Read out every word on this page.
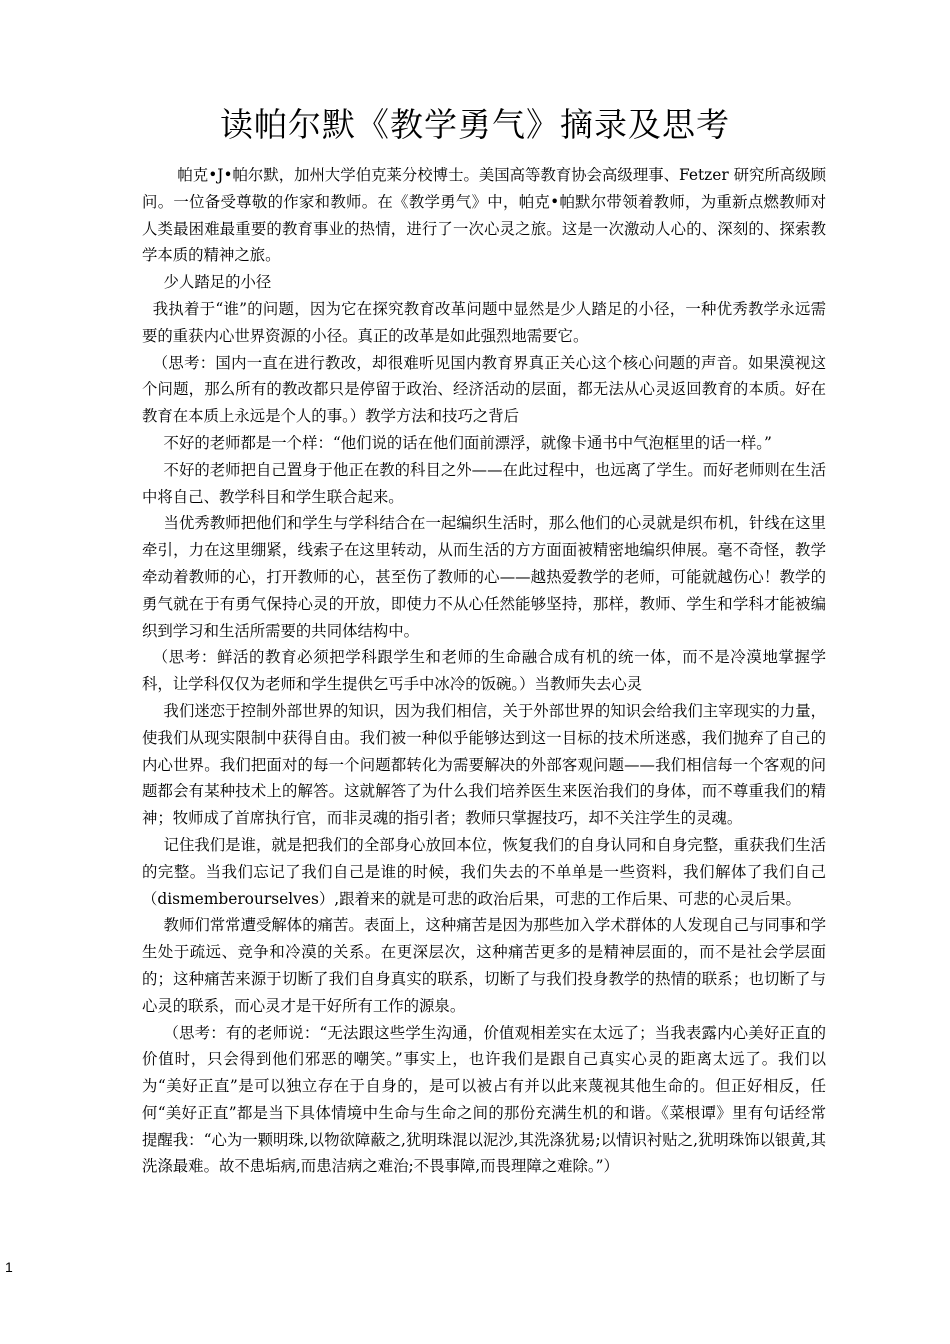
读帕尔默《教学勇气》摘录及思考

帕克•J•帕尔默，加州大学伯克莱分校博士。美国高等教育协会高级理事、Fetzer 研究所高级顾问。一位备受尊敬的作家和教师。在《教学勇气》中，帕克•帕默尔带领着教师，为重新点燃教师对人类最困难最重要的教育事业的热情，进行了一次心灵之旅。这是一次激动人心的、深刻的、探索教学本质的精神之旅。

少人踏足的小径

我执着于“谁”的问题，因为它在探究教育改革问题中显然是少人踏足的小径，一种优秀教学永远需要的重获内心世界资源的小径。真正的改革是如此强烈地需要它。

（思考：国内一直在进行教改，却很难听见国内教育界真正关心这个核心问题的声音。如果漠视这个问题，那么所有的教改都只是停留于政治、经济活动的层面，都无法从心灵返回教育的本质。好在教育在本质上永远是个人的事。）教学方法和技巧之背后

不好的老师都是一个样：“他们说的话在他们面前漂浮，就像卡通书中气泡框里的话一样。”

不好的老师把自己置身于他正在教的科目之外——在此过程中，也远离了学生。而好老师则在生活中将自己、教学科目和学生联合起来。

当优秀教师把他们和学生与学科结合在一起编织生活时，那么他们的心灵就是织布机，针线在这里牵引，力在这里绷紧，线索子在这里转动，从而生活的方方面面被精密地编织伸展。毫不奇怪，教学牵动着教师的心，打开教师的心，甚至伤了教师的心——越热爱教学的老师，可能就越伤心！教学的勇气就在于有勇气保持心灵的开放，即使力不从心任然能够坚持，那样，教师、学生和学科才能被编织到学习和生活所需要的共同体结构中。

（思考：鲜活的教育必须把学科跟学生和老师的生命融合成有机的统一体，而不是冷漠地掌握学科，让学科仅仅为老师和学生提供乞丐手中冰冷的饭碗。）当教师失去心灵

我们迷恋于控制外部世界的知识，因为我们相信，关于外部世界的知识会给我们主宰现实的力量，使我们从现实限制中获得自由。我们被一种似乎能够达到这一目标的技术所迷惑，我们抛弃了自己的内心世界。我们把面对的每一个问题都转化为需要解决的外部客观问题——我们相信每一个客观的问题都会有某种技术上的解答。这就解答了为什么我们培养医生来医治我们的身体，而不尊重我们的精神；牧师成了首席执行官，而非灵魂的指引者；教师只掌握技巧，却不关注学生的灵魂。

记住我们是谁，就是把我们的全部身心放回本位，恢复我们的自身认同和自身完整，重获我们生活的完整。当我们忘记了我们自己是谁的时候，我们失去的不单单是一些资料，我们解体了我们自己（dismemberourselves）,跟着来的就是可悲的政治后果，可悲的工作后果、可悲的心灵后果。

教师们常常遭受解体的痛苦。表面上，这种痛苦是因为那些加入学术群体的人发现自己与同事和学生处于疏远、竞争和冷漠的关系。在更深层次，这种痛苦更多的是精神层面的，而不是社会学层面的；这种痛苦来源于切断了我们自身真实的联系，切断了与我们投身教学的热情的联系；也切断了与心灵的联系，而心灵才是干好所有工作的源泉。

（思考：有的老师说：“无法跟这些学生沟通，价值观相差实在太远了；当我表露内心美好正直的价值时，只会得到他们邪恶的嘲笑。”事实上，也许我们是跟自己真实心灵的距离太远了。我们以为“美好正直”是可以独立存在于自身的，是可以被占有并以此来蔑视其他生命的。但正好相反，任何“美好正直”都是当下具体情境中生命与生命之间的那份充满生机的和谐。《菜根谭》里有句话经常提醒我：“心为一颗明珠,以物欲障蔽之,犹明珠混以泥沙,其洗涤犹易;以情识衬贴之,犹明珠饰以银黄,其洗涤最难。故不患垢病,而患洁病之难治;不畏事障,而畏理障之难除。”）

1
